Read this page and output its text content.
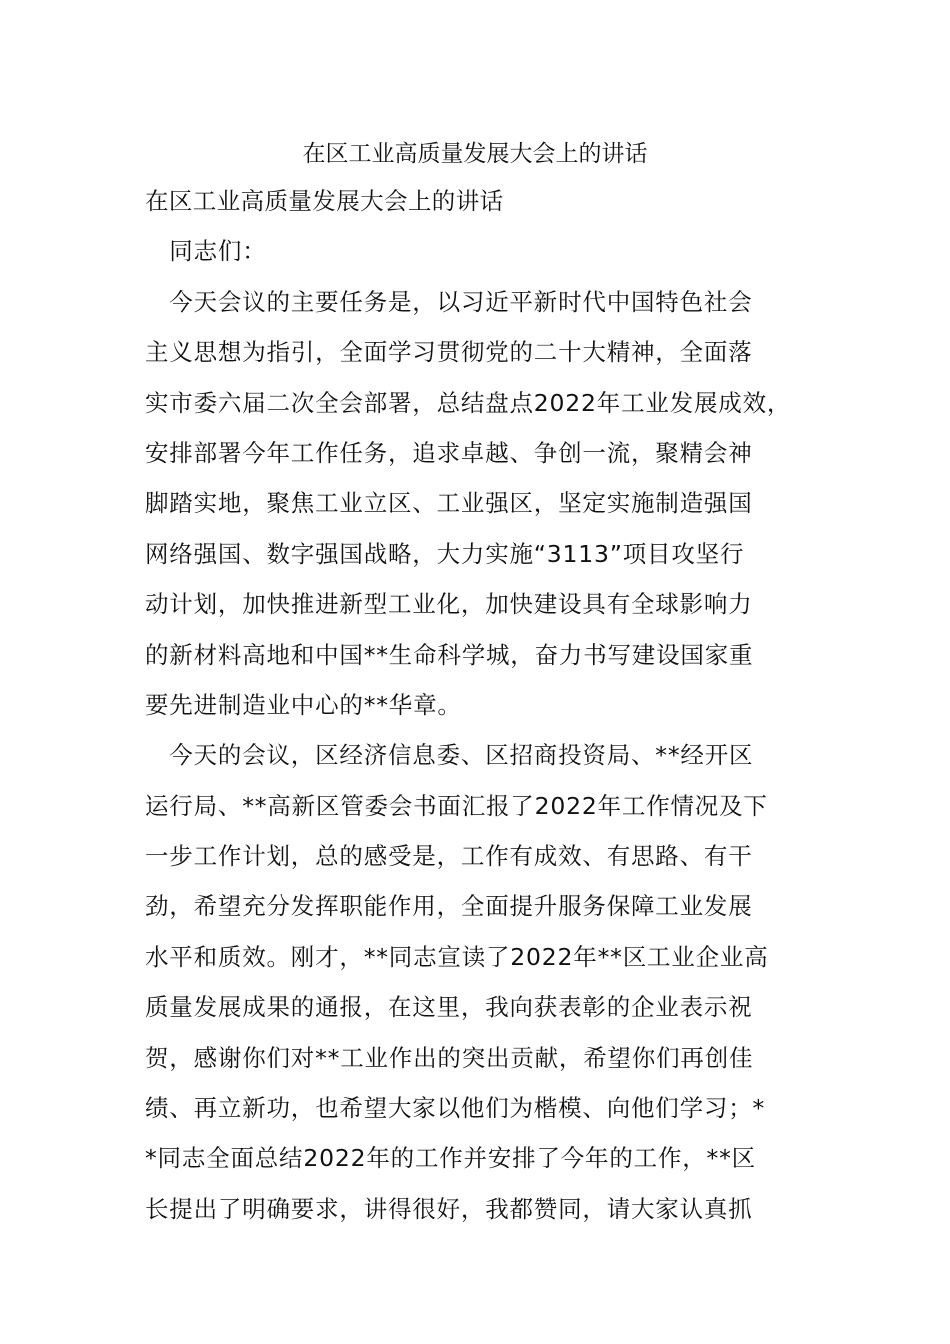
在区工业高质量发展大会上的讲话
在区工业高质量发展大会上的讲话
　同志们：
　今天会议的主要任务是，以习近平新时代中国特色社会
主义思想为指引，全面学习贯彻党的二十大精神，全面落
实市委六届二次全会部署，总结盘点2022年工业发展成效，
安排部署今年工作任务，追求卓越、争创一流，聚精会神
脚踏实地，聚焦工业立区、工业强区，坚定实施制造强国
网络强国、数字强国战略，大力实施“3113”项目攻坚行
动计划，加快推进新型工业化，加快建设具有全球影响力
的新材料高地和中国**生命科学城，奋力书写建设国家重
要先进制造业中心的**华章。
　今天的会议，区经济信息委、区招商投资局、**经开区
运行局、**高新区管委会书面汇报了2022年工作情况及下
一步工作计划，总的感受是，工作有成效、有思路、有干
劲，希望充分发挥职能作用，全面提升服务保障工业发展
水平和质效。刚才，**同志宣读了2022年**区工业企业高
质量发展成果的通报，在这里，我向获表彰的企业表示祝
贺，感谢你们对**工业作出的突出贡献，希望你们再创佳
绩、再立新功，也希望大家以他们为楷模、向他们学习；*
*同志全面总结2022年的工作并安排了今年的工作，**区
长提出了明确要求，讲得很好，我都赞同，请大家认真抓
